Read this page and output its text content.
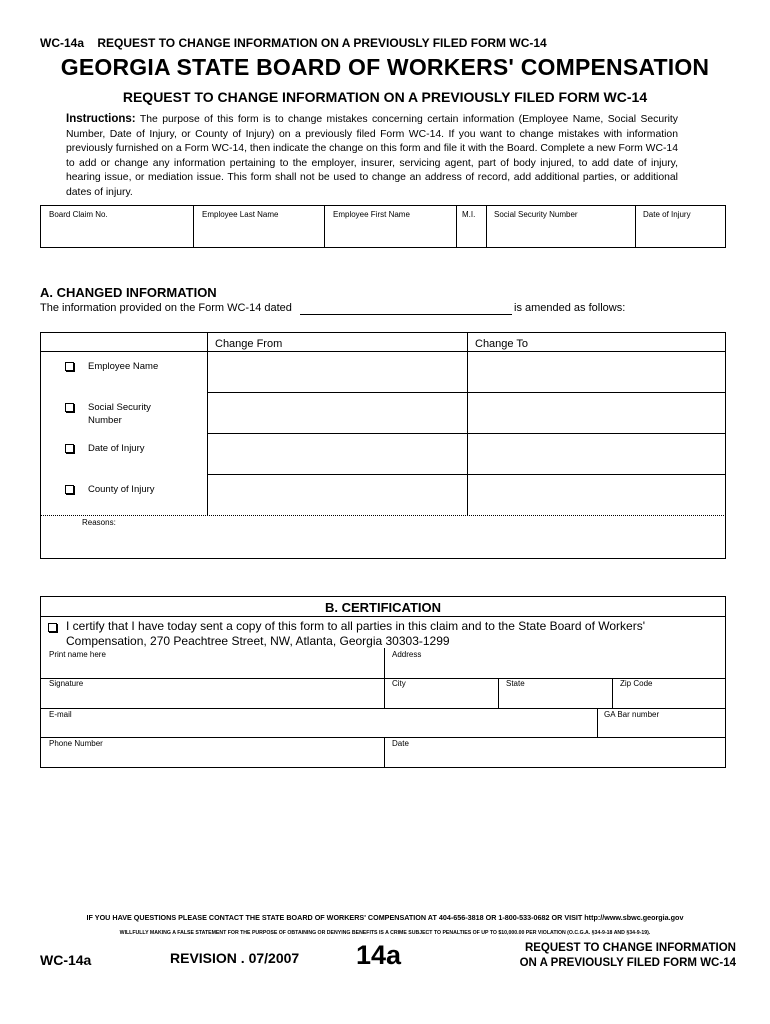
WC-14a    REQUEST TO CHANGE INFORMATION ON A PREVIOUSLY FILED FORM WC-14
GEORGIA STATE BOARD OF WORKERS' COMPENSATION
REQUEST TO CHANGE INFORMATION ON A PREVIOUSLY FILED FORM WC-14
Instructions: The purpose of this form is to change mistakes concerning certain information (Employee Name, Social Security Number, Date of Injury, or County of Injury) on a previously filed Form WC-14. If you want to change mistakes with information previously furnished on a Form WC-14, then indicate the change on this form and file it with the Board. Complete a new Form WC-14 to add or change any information pertaining to the employer, insurer, servicing agent, part of body injured, to add date of injury, hearing issue, or mediation issue. This form shall not be used to change an address of record, add additional parties, or additional dates of injury.
Board Claim No.	Employee Last Name	Employee First Name	M.I. Social Security Number	Date of Injury
A. CHANGED INFORMATION
The information provided on the Form WC-14 dated	is amended as follows:
Change From	Change To
Employee Name
Social Security Number
Date of Injury
County of Injury
Reasons:
B. CERTIFICATION
I certify that I have today sent a copy of this form to all parties in this claim and to the State Board of Workers' Compensation, 270 Peachtree Street, NW, Atlanta, Georgia 30303-1299
Print name here	Address
Signature	City	State	Zip Code
E-mail	GA Bar number
Phone Number	Date
IF YOU HAVE QUESTIONS PLEASE CONTACT THE STATE BOARD OF WORKERS' COMPENSATION AT 404-656-3818 OR 1-800-533-0682 OR VISIT http://www.sbwc.georgia.gov
WILLFULLY MAKING A FALSE STATEMENT FOR THE PURPOSE OF OBTAINING OR DENYING BENEFITS IS A CRIME SUBJECT TO PENALTIES OF UP TO $10,000.00 PER VIOLATION (O.C.G.A. §34-9-18 AND §34-9-19).
WC-14a	REVISION . 07/2007 14a	REQUEST TO CHANGE INFORMATION
ON A PREVIOUSLY FILED FORM WC-14
